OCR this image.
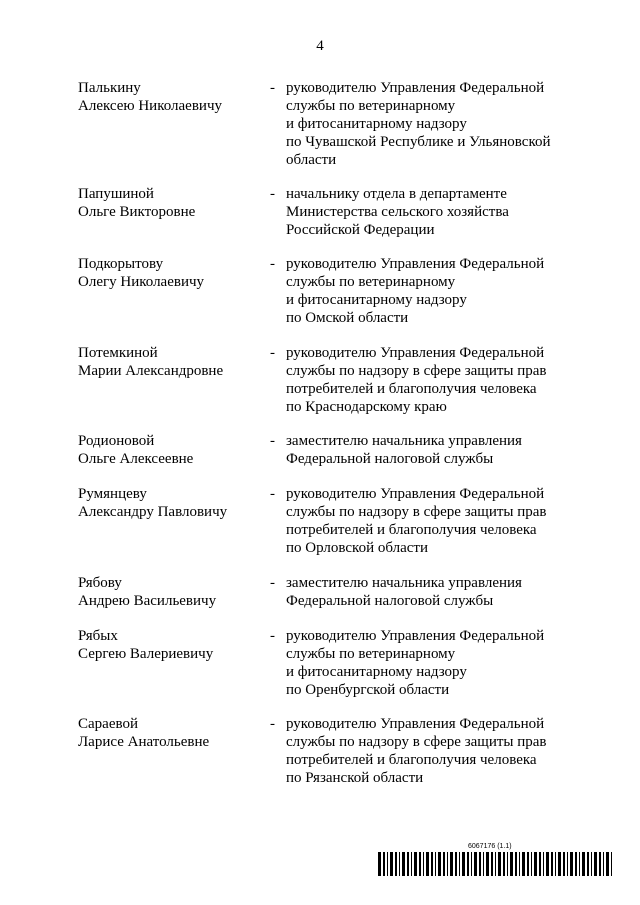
4
Палькину
Алексею Николаевичу
- руководителю Управления Федеральной
службы по ветеринарному
и фитосанитарному надзору
по Чувашской Республике и Ульяновской
области
Папушиной
Ольге Викторовне
- начальнику отдела в департаменте
Министерства сельского хозяйства
Российской Федерации
Подкорытову
Олегу Николаевичу
- руководителю Управления Федеральной
службы по ветеринарному
и фитосанитарному надзору
по Омской области
Потемкиной
Марии Александровне
- руководителю Управления Федеральной
службы по надзору в сфере защиты прав
потребителей и благополучия человека
по Краснодарскому краю
Родионовой
Ольге Алексеевне
- заместителю начальника управления
Федеральной налоговой службы
Румянцеву
Александру Павловичу
- руководителю Управления Федеральной
службы по надзору в сфере защиты прав
потребителей и благополучия человека
по Орловской области
Рябову
Андрею Васильевичу
- заместителю начальника управления
Федеральной налоговой службы
Рябых
Сергею Валериевичу
- руководителю Управления Федеральной
службы по ветеринарному
и фитосанитарному надзору
по Оренбургской области
Сараевой
Ларисе Анатольевне
- руководителю Управления Федеральной
службы по надзору в сфере защиты прав
потребителей и благополучия человека
по Рязанской области
6067176 (1.1)
